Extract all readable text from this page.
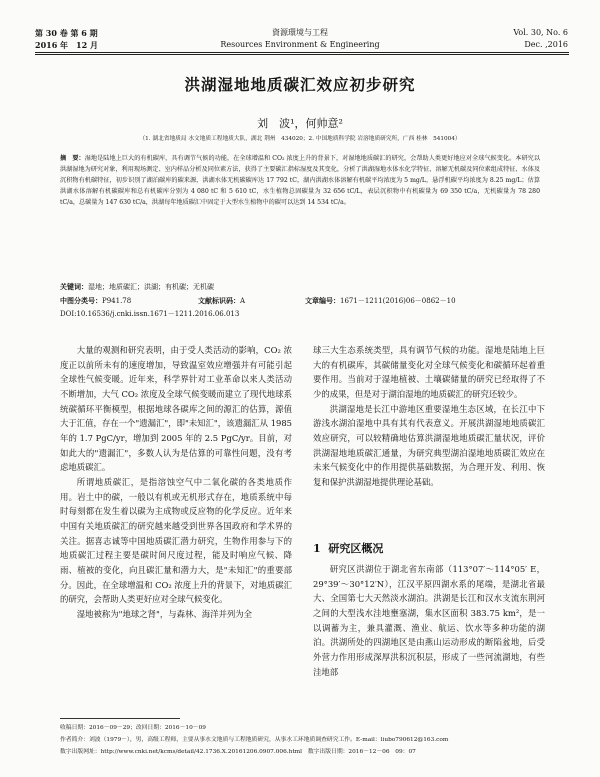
第 30 卷 第 6 期
2016 年　12 月
資源環境与工程
Resources Environment & Engineering
Vol. 30, No. 6
Dec. ,2016
洪湖湿地地质碳汇效应初步研究
刘　波¹，何帅意²
（1. 湖北省地质局 水文地质工程地质大队，湖北 荆州　434020；2. 中国地质科学院 岩溶地质研究所，广西 桂林　541004）
摘　要：湿地是陆地上巨大的有机碳库，具有调节气候的功能，在全球增温和 CO₂ 浓度上升的背景下，对湿地地质碳汇的研究，会帮助人类更好地应对全球气候变化。本研究以洪湖湿地为研究对象，利用现场测定、室内样品分析及同位素方法，获得了主要碳汇指标湿度及其变化，分析了洪湖湿地水体水化学特征、溶解无机碳及同位素组成特征、水体及沉积物有机碳特征，初步识别了湖泊碳库的碳来源，洪湖水体无机碳碳库达 17 792 tC，湖内洪湖水体溶解有机碳平均浓度为 5 mg/L，悬浮机碳平均浓度为 8.25 mg/L；估算洪湖水体溶解有机碳碳库和总有机碳库分别为 4 080 tC 和 5 610 tC，水生植物总固碳量为 32 656 tC/L，表层沉积物中有机碳量为 69 350 tC/a，无机碳量为 78 280 tC/a，总碳量为 147 630 tC/a，洪湖每年地质碳汇中固定于大型水生植物中的碳可以达到 14 534 tC/a。
关键词：湿地；地质碳汇；洪湖；有机碳；无机碳
中图分类号：P941.78	文献标识码：A	文章编号：1671－1211(2016)06－0862－10
DOI:10.16536/j.cnki.issn.1671－1211.2016.06.013

大量的观测和研究表明，由于受人类活动的影响，CO₂ 浓度正以前所未有的速度增加，导致温室效应增强并有可能引起全球性气候变暖。近年来，科学界针对工业革命以来人类活动不断增加，大气 CO₂ 浓度及全球气候变暖而建立了现代地球系统碳循环平衡模型，根据地球各碳库之间的源汇的估算，源值大于汇值，存在一个"遗漏汇"，即"未知汇"，该遗漏汇从 1985 年的 1.7 PgC/yr，增加到 2005 年的 2.5 PgC/yr。目前，对如此大的"遗漏汇"，多数人认为是估算的可靠性问题，没有考虑地质碳汇。

所谓地质碳汇，是指溶蚀空气中二氧化碳的各类地质作用。岩土中的碳，一般以有机或无机形式存在，地质系统中每时每刻都在发生着以碳为主成物或反应物的化学反应。近年来中国有关地质碳汇的研究越来越受到世界各国政府和学术界的关注。据喜志诚等中国地质碳汇潜力研究，生物作用参与下的地质碳汇过程主要是碳时间尺度过程，能及时响应气候、降雨、植被的变化，向且碳汇量和潜力大，是"未知汇"的重要部分。因此，在全球增温和 CO₂ 浓度上升的背景下，对地质碳汇的研究，会帮助人类更好应对全球气候变化。

湿地被称为"地球之肾"，与森林、海洋并列为全

球三大生态系统类型，具有调节气候的功能。湿地是陆地上巨大的有机碳库，其碳储量变化对全球气候变化和碳循环起着重要作用。当前对于湿地植被、土壤碳储量的研究已经取得了不少的成果，但是对于湖泊湿地的地质碳汇的研究还较少。

洪湖湿地是长江中游地区重要湿地生态区域，在长江中下游浅水湖泊湿地中具有其有代表意义。开展洪湖湿地地质碳汇效应研究，可以较精确地估算洪湖湿地地质碳汇量状况，评价洪湖湿地地质碳汇通量，为研究典型湖泊湿地地质碳汇效应在未来气候变化中的作用提供基础数据，为合理开发、利用、恢复和保护洪湖湿地提供理论基础。

1 研究区概况

研究区洪湖位于湖北省东南部（113°07′～114°05′ E，29°39′～30°12′N），江汉平原四湖水系的尾端，是湖北省最大、全国第七大天然淡水湖泊。洪湖是长江和汉水支流东荆河之间的大型浅水洼地壅塞湖，集水区面积 383.75 km²，是一以调蓄为主，兼具灌溉、渔业、航运、饮水等多种功能的湖泊。洪湖所处的四湖地区是由燕山运动形成的断陷盆地，后受外营力作用形成深厚洪积沉积层，形成了一些河流湖地，有些洼地部

收稿日期：2016－09－29；改回日期：2016－10－09
作者简介：刘波（1979－），男，高级工程师，主要从事水文地质与工程地质研究，从事水工环地质调查研究工作。E-mail：liubo790612@163.com
数字出版网址：http://www.cnki.net/kcms/detail/42.1736.X.20161206.0907.006.html　数字出版日期：2016－12－06　09：07
